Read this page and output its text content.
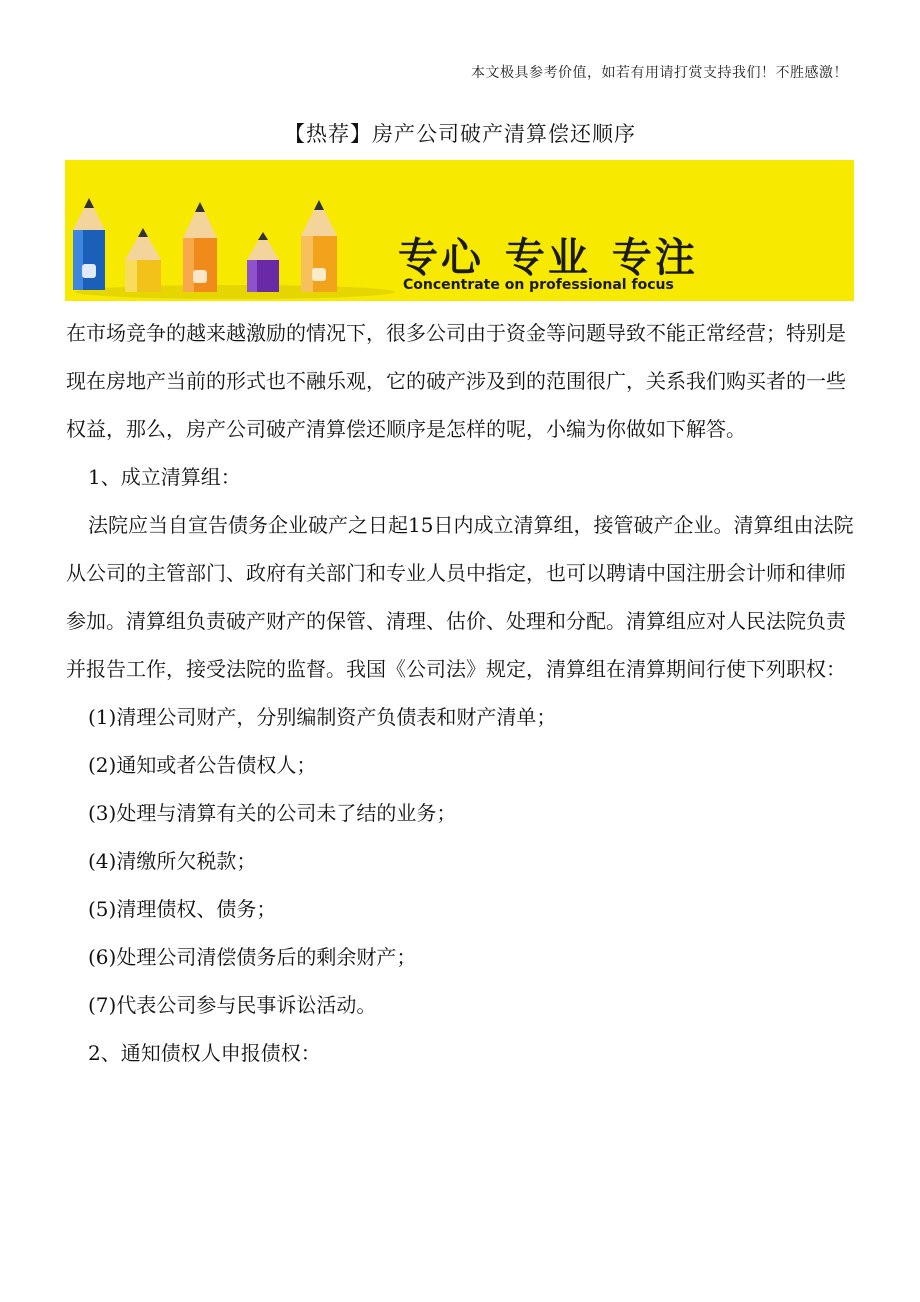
本文极具参考价值，如若有用请打赏支持我们！不胜感激！
【热荐】房产公司破产清算偿还顺序
专心 专业 专注
Concentrate on professional focus

在市场竞争的越来越激励的情况下，很多公司由于资金等问题导致不能正常经营；特别是现在房地产当前的形式也不融乐观，它的破产涉及到的范围很广，关系我们购买者的一些权益，那么，房产公司破产清算偿还顺序是怎样的呢，小编为你做如下解答。

1、成立清算组：

法院应当自宣告债务企业破产之日起15日内成立清算组，接管破产企业。清算组由法院从公司的主管部门、政府有关部门和专业人员中指定，也可以聘请中国注册会计师和律师参加。清算组负责破产财产的保管、清理、估价、处理和分配。清算组应对人民法院负责并报告工作，接受法院的监督。我国《公司法》规定，清算组在清算期间行使下列职权：

(1)清理公司财产，分别编制资产负债表和财产清单；

(2)通知或者公告债权人；

(3)处理与清算有关的公司未了结的业务；

(4)清缴所欠税款；

(5)清理债权、债务；

(6)处理公司清偿债务后的剩余财产；

(7)代表公司参与民事诉讼活动。

2、通知债权人申报债权：
